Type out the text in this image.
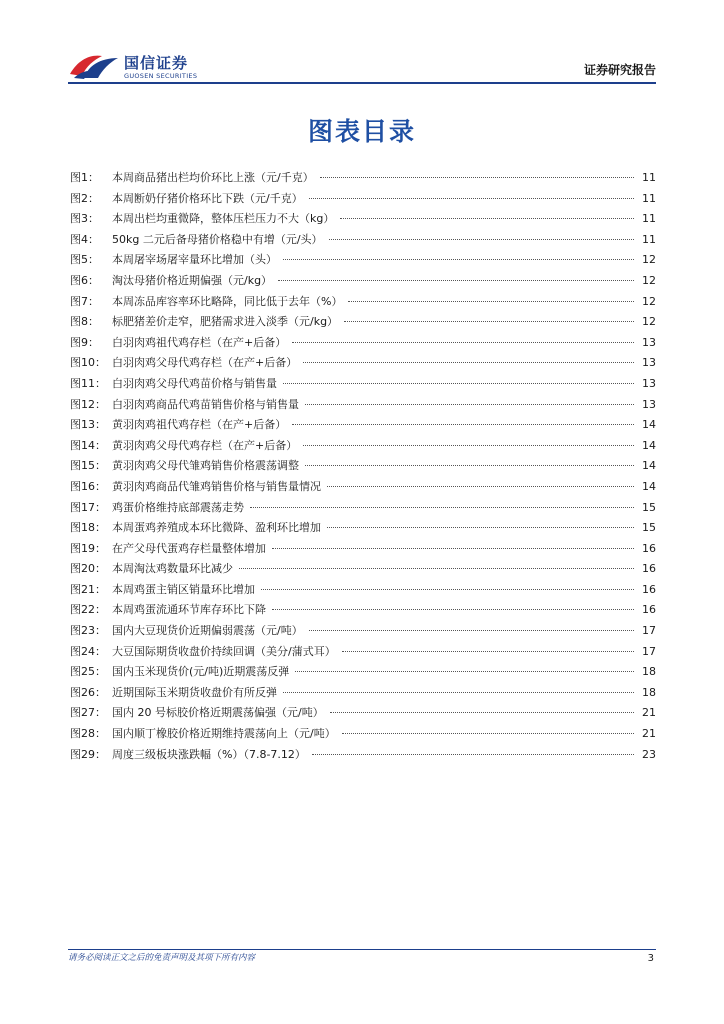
国信证券
GUOSEN SECURITIES	证券研究报告
图表目录
图1：	本周商品猪出栏均价环比上涨（元/千克）	11
图2：	本周断奶仔猪价格环比下跌（元/千克）	11
图3：	本周出栏均重微降，整体压栏压力不大（kg）	11
图4：	50kg 二元后备母猪价格稳中有增（元/头）	11
图5：	本周屠宰场屠宰量环比增加（头）	12
图6：	淘汰母猪价格近期偏强（元/kg）	12
图7：	本周冻品库容率环比略降，同比低于去年（%）	12
图8：	标肥猪差价走窄，肥猪需求进入淡季（元/kg）	12
图9：	白羽肉鸡祖代鸡存栏（在产+后备）	13
图10： 白羽肉鸡父母代鸡存栏（在产+后备）	13
图11： 白羽肉鸡父母代鸡苗价格与销售量	13
图12： 白羽肉鸡商品代鸡苗销售价格与销售量	13
图13： 黄羽肉鸡祖代鸡存栏（在产+后备）	14
图14： 黄羽肉鸡父母代鸡存栏（在产+后备）	14
图15： 黄羽肉鸡父母代雏鸡销售价格震荡调整	14
图16： 黄羽肉鸡商品代雏鸡销售价格与销售量情况	14
图17： 鸡蛋价格维持底部震荡走势	15
图18： 本周蛋鸡养殖成本环比微降、盈利环比增加	15
图19： 在产父母代蛋鸡存栏量整体增加	16
图20： 本周淘汰鸡数量环比减少	16
图21： 本周鸡蛋主销区销量环比增加	16
图22： 本周鸡蛋流通环节库存环比下降	16
图23： 国内大豆现货价近期偏弱震荡（元/吨）	17
图24： 大豆国际期货收盘价持续回调（美分/蒲式耳）	17
图25： 国内玉米现货价(元/吨)近期震荡反弹	18
图26： 近期国际玉米期货收盘价有所反弹	18
图27： 国内 20 号标胶价格近期震荡偏强（元/吨）	21
图28： 国内顺丁橡胶价格近期维持震荡向上（元/吨）	21
图29： 周度三级板块涨跌幅（%）（7.8-7.12）	23
请务必阅读正文之后的免责声明及其项下所有内容	3
